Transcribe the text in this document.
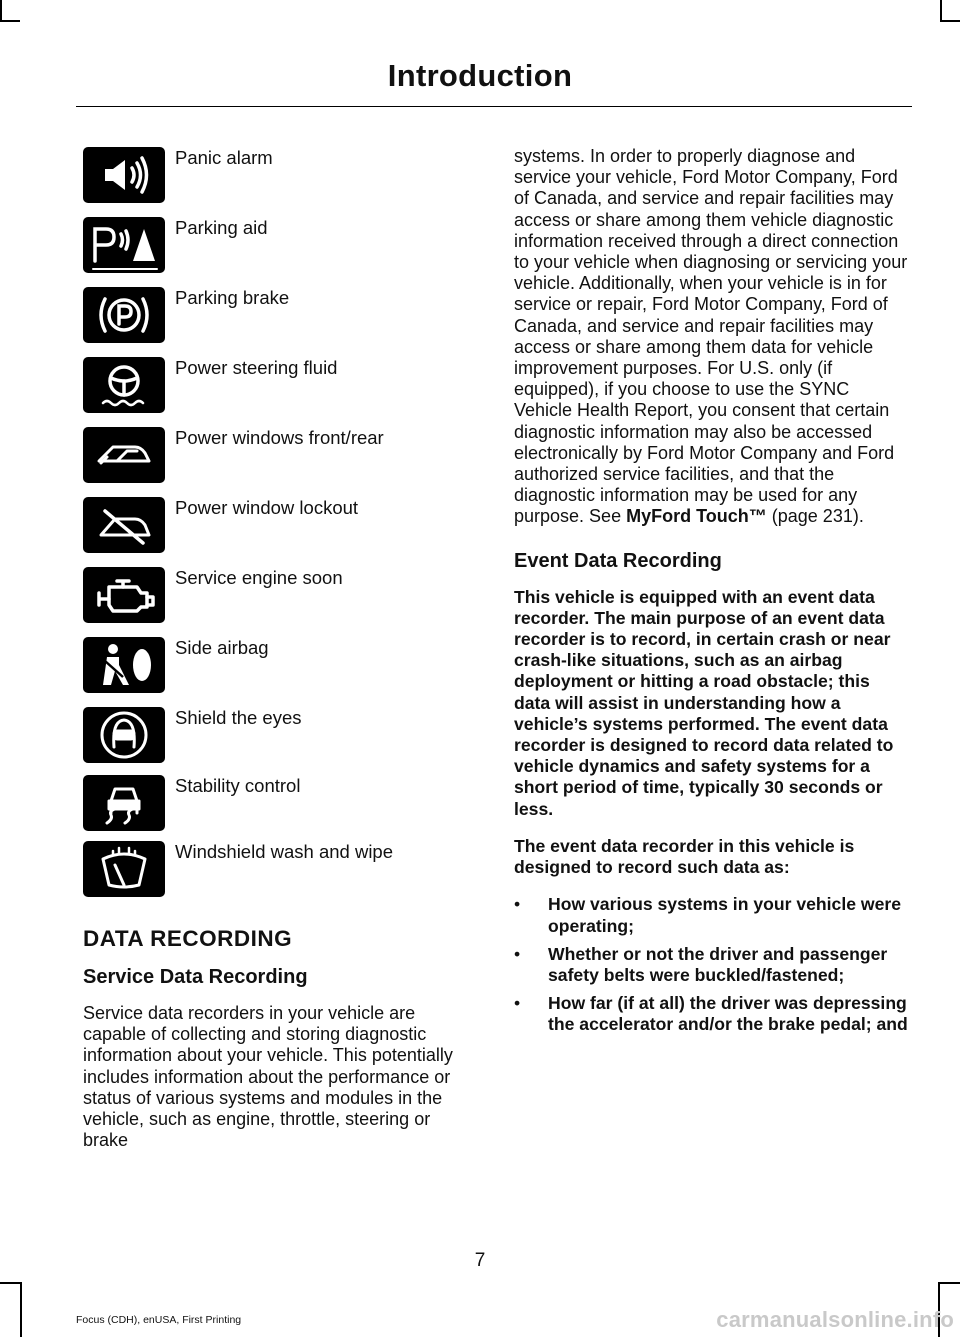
Introduction
Panic alarm
Parking aid
Parking brake
Power steering fluid
Power windows front/rear
Power window lockout
Service engine soon
Side airbag
Shield the eyes
Stability control
Windshield wash and wipe
DATA RECORDING
Service Data Recording
Service data recorders in your vehicle are capable of collecting and storing diagnostic information about your vehicle. This potentially includes information about the performance or status of various systems and modules in the vehicle, such as engine, throttle, steering or brake
systems. In order to properly diagnose and service your vehicle, Ford Motor Company, Ford of Canada, and service and repair facilities may access or share among them vehicle diagnostic information received through a direct connection to your vehicle when diagnosing or servicing your vehicle. Additionally, when your vehicle is in for service or repair, Ford Motor Company, Ford of Canada, and service and repair facilities may access or share among them data for vehicle improvement purposes. For U.S. only (if equipped), if you choose to use the SYNC Vehicle Health Report, you consent that certain diagnostic information may also be accessed electronically by Ford Motor Company and Ford authorized service facilities, and that the diagnostic information may be used for any purpose. See MyFord Touch™ (page 231).
Event Data Recording
This vehicle is equipped with an event data recorder. The main purpose of an event data recorder is to record, in certain crash or near crash-like situations, such as an airbag deployment or hitting a road obstacle; this data will assist in understanding how a vehicle’s systems performed. The event data recorder is designed to record data related to vehicle dynamics and safety systems for a short period of time, typically 30 seconds or less.
The event data recorder in this vehicle is designed to record such data as:
• How various systems in your vehicle were operating;
• Whether or not the driver and passenger safety belts were buckled/fastened;
• How far (if at all) the driver was depressing the accelerator and/or the brake pedal; and
7
Focus (CDH), enUSA, First Printing	carmanualsonline.info
